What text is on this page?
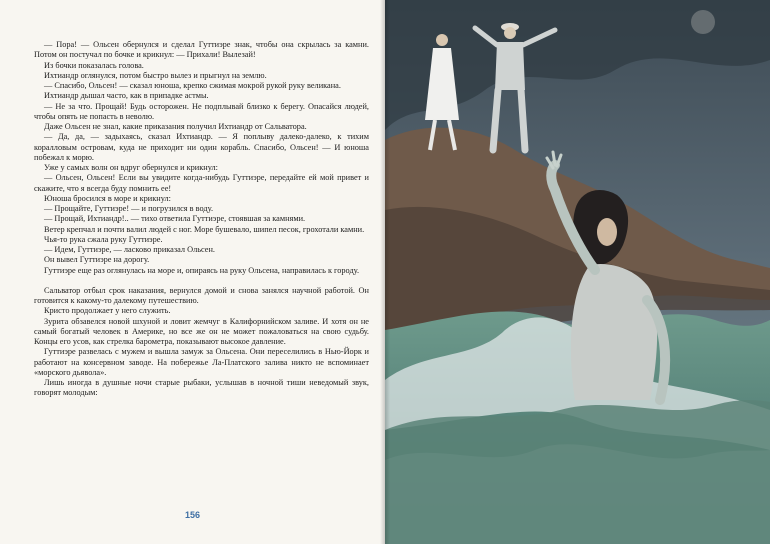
— Пора! — Ольсен обернулся и сделал Гуттиэре знак, чтобы она скрылась за камни. Потом он постучал по бочке и крикнул: — Прихали! Вылезай!

Из бочки показалась голова.

Ихтиандр оглянулся, потом быстро вылез и прыгнул на землю.

— Спасибо, Ольсен! — сказал юноша, крепко сжимая мокрой рукой руку великана.

Ихтиандр дышал часто, как в припадке астмы.

— Не за что. Прощай! Будь осторожен. Не подплывай близко к берегу. Опасайся людей, чтобы опять не попасть в неволю.

Даже Ольсен не знал, какие приказания получил Ихтиандр от Сальватора.

— Да, да, — задыхаясь, сказал Ихтиандр. — Я поплыву далеко-далеко, к тихим коралловым островам, куда не приходит ни один корабль. Спасибо, Ольсен! — И юноша побежал к морю.

Уже у самых волн он вдруг обернулся и крикнул:

— Ольсен, Ольсен! Если вы увидите когда-нибудь Гуттиэре, передайте ей мой привет и скажите, что я всегда буду помнить ее!

Юноша бросился в море и крикнул:

— Прощайте, Гуттиэре! — и погрузился в воду.

— Прощай, Ихтиандр!.. — тихо ответила Гуттиэре, стоявшая за камнями.

Ветер крепчал и почти валил людей с ног. Море бушевало, шипел песок, грохотали камни.

Чья-то рука сжала руку Гуттиэре.

— Идем, Гуттиэре, — ласково приказал Ольсен.

Он вывел Гуттиэре на дорогу.

Гуттиэре еще раз оглянулась на море и, опираясь на руку Ольсена, направилась к городу.

Сальватор отбыл срок наказания, вернулся домой и снова занялся научной работой. Он готовится к какому-то далекому путешествию.

Кристо продолжает у него служить.

Зурита обзавелся новой шхуной и ловит жемчуг в Калифорнийском заливе. И хотя он не самый богатый человек в Америке, но все же он не может пожаловаться на свою судьбу. Концы его усов, как стрелка барометра, показывают высокое давление.

Гуттиэре развелась с мужем и вышла замуж за Ольсена. Они переселились в Нью-Йорк и работают на консервном заводе. На побережье Ла-Платского залива никто не вспоминает «морского дьявола».

Лишь иногда в душные ночи старые рыбаки, услышав в ночной тиши неведомый звук, говорят молодым:

156
